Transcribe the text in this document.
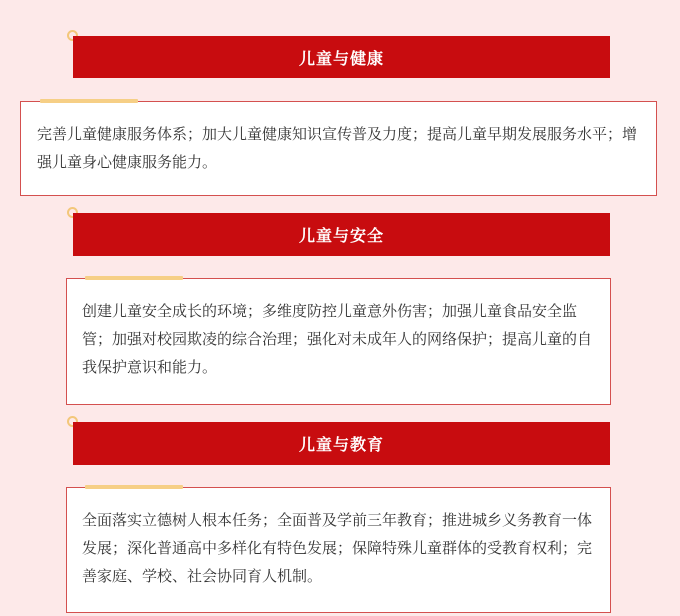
儿童与健康
完善儿童健康服务体系；加大儿童健康知识宣传普及力度；提高儿童早期发展服务水平；增强儿童身心健康服务能力。
儿童与安全
创建儿童安全成长的环境；多维度防控儿童意外伤害；加强儿童食品安全监管；加强对校园欺凌的综合治理；强化对未成年人的网络保护；提高儿童的自我保护意识和能力。
儿童与教育
全面落实立德树人根本任务；全面普及学前三年教育；推进城乡义务教育一体发展；深化普通高中多样化有特色发展；保障特殊儿童群体的受教育权利；完善家庭、学校、社会协同育人机制。
